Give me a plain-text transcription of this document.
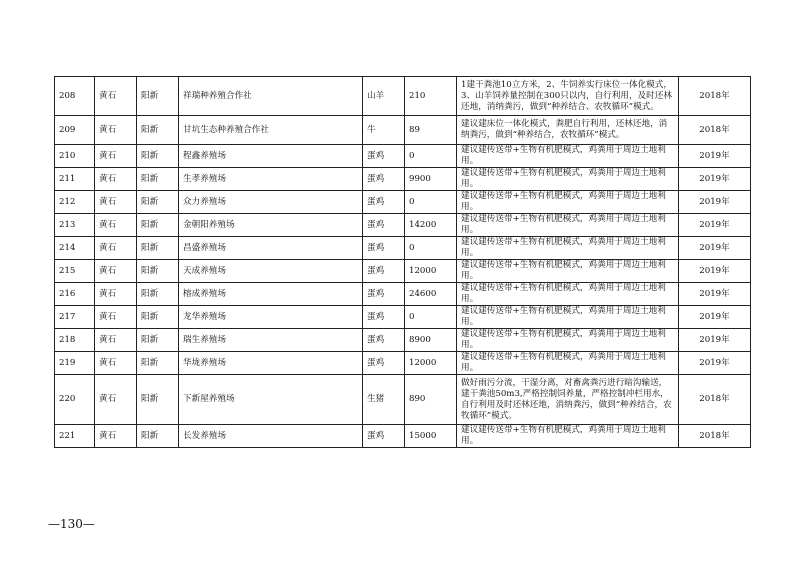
208	黄石	阳新	祥瑞种养殖合作社	山羊	210	1建干粪池10立方米，2、牛饲养实行床位一体化模式，3、山羊饲养量控制在300只以内，自行利用，及时还林还地，消纳粪污，做到“种养结合、农牧循环”模式。	2018年
209	黄石	阳新	甘坑生态种养殖合作社	牛	89	建议建床位一体化模式，粪肥自行利用，还林还地，消纳粪污，做到“种养结合，农牧循环”模式。	2018年
210	黄石	阳新	程鑫养殖场	蛋鸡	0	建议建传送带+生物有机肥模式，鸡粪用于周边土地利用。	2019年
211	黄石	阳新	生孝养殖场	蛋鸡	9900	建议建传送带+生物有机肥模式，鸡粪用于周边土地利用。	2019年
212	黄石	阳新	众力养殖场	蛋鸡	0	建议建传送带+生物有机肥模式，鸡粪用于周边土地利用。	2019年
213	黄石	阳新	金朝阳养殖场	蛋鸡	14200	建议建传送带+生物有机肥模式，鸡粪用于周边土地利用。	2019年
214	黄石	阳新	昌盛养殖场	蛋鸡	0	建议建传送带+生物有机肥模式，鸡粪用于周边土地利用。	2019年
215	黄石	阳新	天成养殖场	蛋鸡	12000	建议建传送带+生物有机肥模式，鸡粪用于周边土地利用。	2019年
216	黄石	阳新	榕成养殖场	蛋鸡	24600	建议建传送带+生物有机肥模式，鸡粪用于周边土地利用。	2019年
217	黄石	阳新	龙华养殖场	蛋鸡	0	建议建传送带+生物有机肥模式，鸡粪用于周边土地利用。	2019年
218	黄石	阳新	瑞生养殖场	蛋鸡	8900	建议建传送带+生物有机肥模式，鸡粪用于周边土地利用。	2019年
219	黄石	阳新	华垅养殖场	蛋鸡	12000	建议建传送带+生物有机肥模式，鸡粪用于周边土地利用。	2019年
220	黄石	阳新	下新屋养殖场	生猪	890	做好雨污分流，干湿分离，对畜禽粪污进行暗沟输送，建干粪池50m3,严格控制饲养量，严格控制冲栏用水，自行利用及时还林还地，消纳粪污，做到“种养结合，农牧循环”模式。	2018年
221	黄石	阳新	长发养殖场	蛋鸡	15000	建议建传送带+生物有机肥模式，鸡粪用于周边土地利用。	2018年
—130—
